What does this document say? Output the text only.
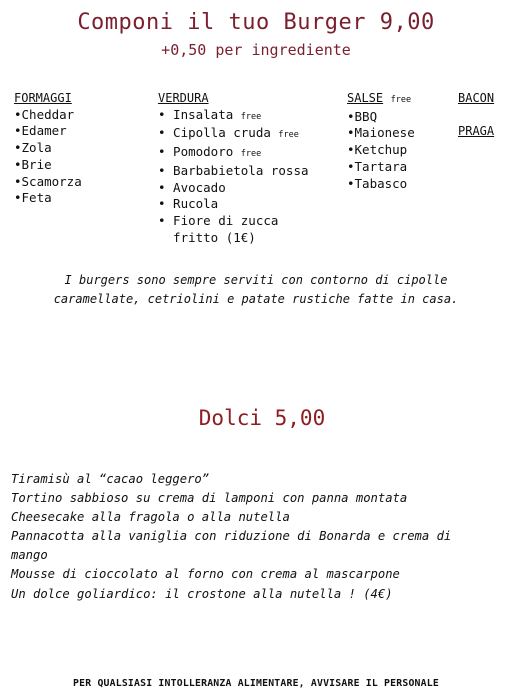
Componi il tuo Burger 9,00
+0,50 per ingrediente
FORMAGGI
•Cheddar
•Edamer
•Zola
•Brie
•Scamorza
•Feta
VERDURA
• Insalata free
• Cipolla cruda free
• Pomodoro free
• Barbabietola rossa
• Avocado
• Rucola
• Fiore di zucca
fritto (1€)
SALSE free
•BBQ
•Maionese
•Ketchup
•Tartara
•Tabasco
BACON
PRAGA
I burgers sono sempre serviti con contorno di cipolle
caramellate, cetriolini e patate rustiche fatte in casa.
Dolci 5,00
Tiramisù al “cacao leggero”
Tortino sabbioso su crema di lamponi con panna montata
Cheesecake alla fragola o alla nutella
Pannacotta alla vaniglia con riduzione di Bonarda e crema di
mango
Mousse di cioccolato al forno con crema al mascarpone
Un dolce goliardico: il crostone alla nutella ! (4€)
PER QUALSIASI INTOLLERANZA ALIMENTARE, AVVISARE IL PERSONALE
